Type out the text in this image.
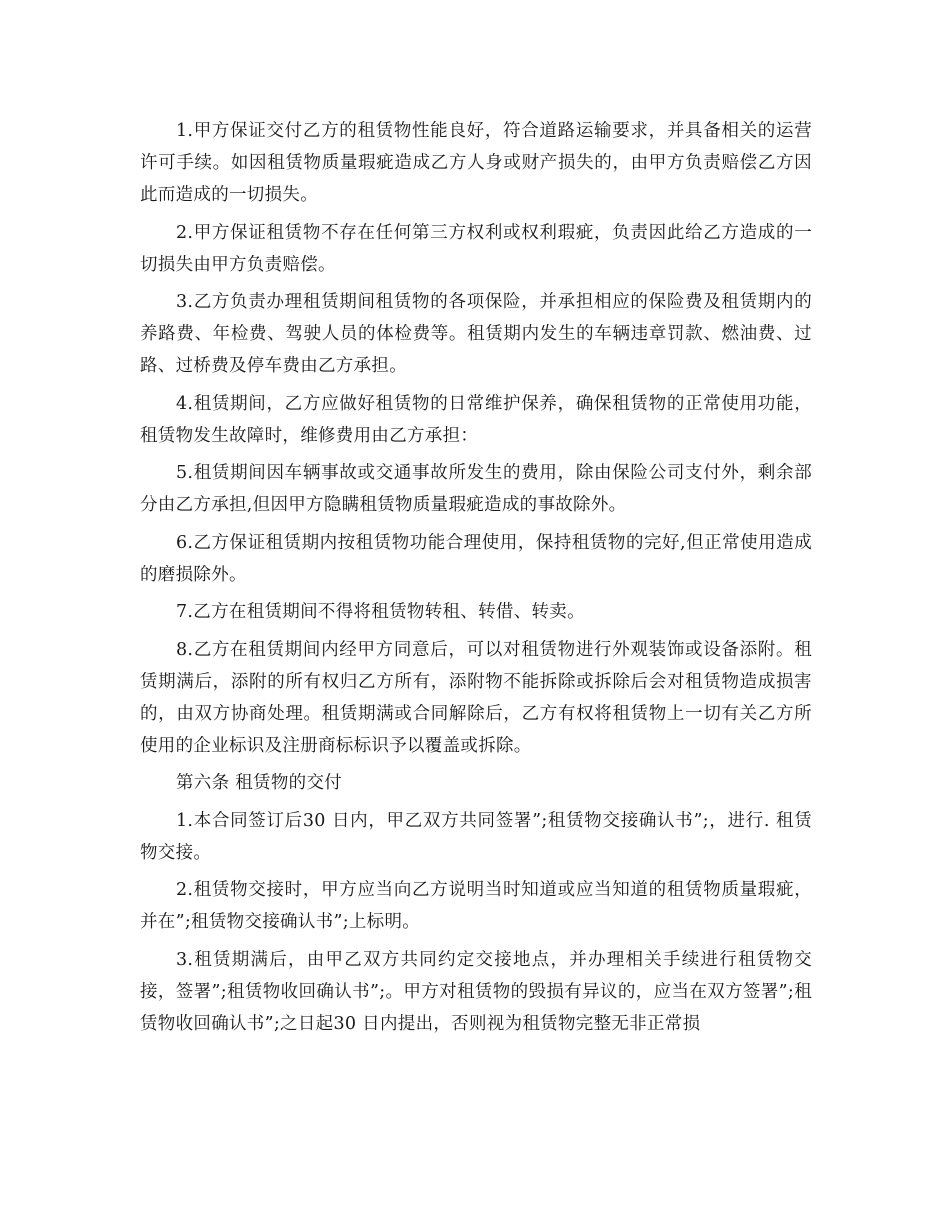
1.甲方保证交付乙方的租赁物性能良好，符合道路运输要求，并具备相关的运营许可手续。如因租赁物质量瑕疵造成乙方人身或财产损失的，由甲方负责赔偿乙方因此而造成的一切损失。

2.甲方保证租赁物不存在任何第三方权利或权利瑕疵，负责因此给乙方造成的一切损失由甲方负责赔偿。

3.乙方负责办理租赁期间租赁物的各项保险，并承担相应的保险费及租赁期内的养路费、年检费、驾驶人员的体检费等。租赁期内发生的车辆违章罚款、燃油费、过路、过桥费及停车费由乙方承担。

4.租赁期间，乙方应做好租赁物的日常维护保养，确保租赁物的正常使用功能，租赁物发生故障时，维修费用由乙方承担：

5.租赁期间因车辆事故或交通事故所发生的费用，除由保险公司支付外，剩余部分由乙方承担,但因甲方隐瞒租赁物质量瑕疵造成的事故除外。

6.乙方保证租赁期内按租赁物功能合理使用，保持租赁物的完好,但正常使用造成的磨损除外。

7.乙方在租赁期间不得将租赁物转租、转借、转卖。

8.乙方在租赁期间内经甲方同意后，可以对租赁物进行外观装饰或设备添附。租赁期满后，添附的所有权归乙方所有，添附物不能拆除或拆除后会对租赁物造成损害的，由双方协商处理。租赁期满或合同解除后，乙方有权将租赁物上一切有关乙方所使用的企业标识及注册商标标识予以覆盖或拆除。

第六条 租赁物的交付

1.本合同签订后30 日内，甲乙双方共同签署”;租赁物交接确认书”;，进行. 租赁物交接。

2.租赁物交接时，甲方应当向乙方说明当时知道或应当知道的租赁物质量瑕疵，并在”;租赁物交接确认书”;上标明。

3.租赁期满后，由甲乙双方共同约定交接地点，并办理相关手续进行租赁物交接，签署”;租赁物收回确认书”;。甲方对租赁物的毁损有异议的，应当在双方签署”;租赁物收回确认书”;之日起30 日内提出，否则视为租赁物完整无非正常损
